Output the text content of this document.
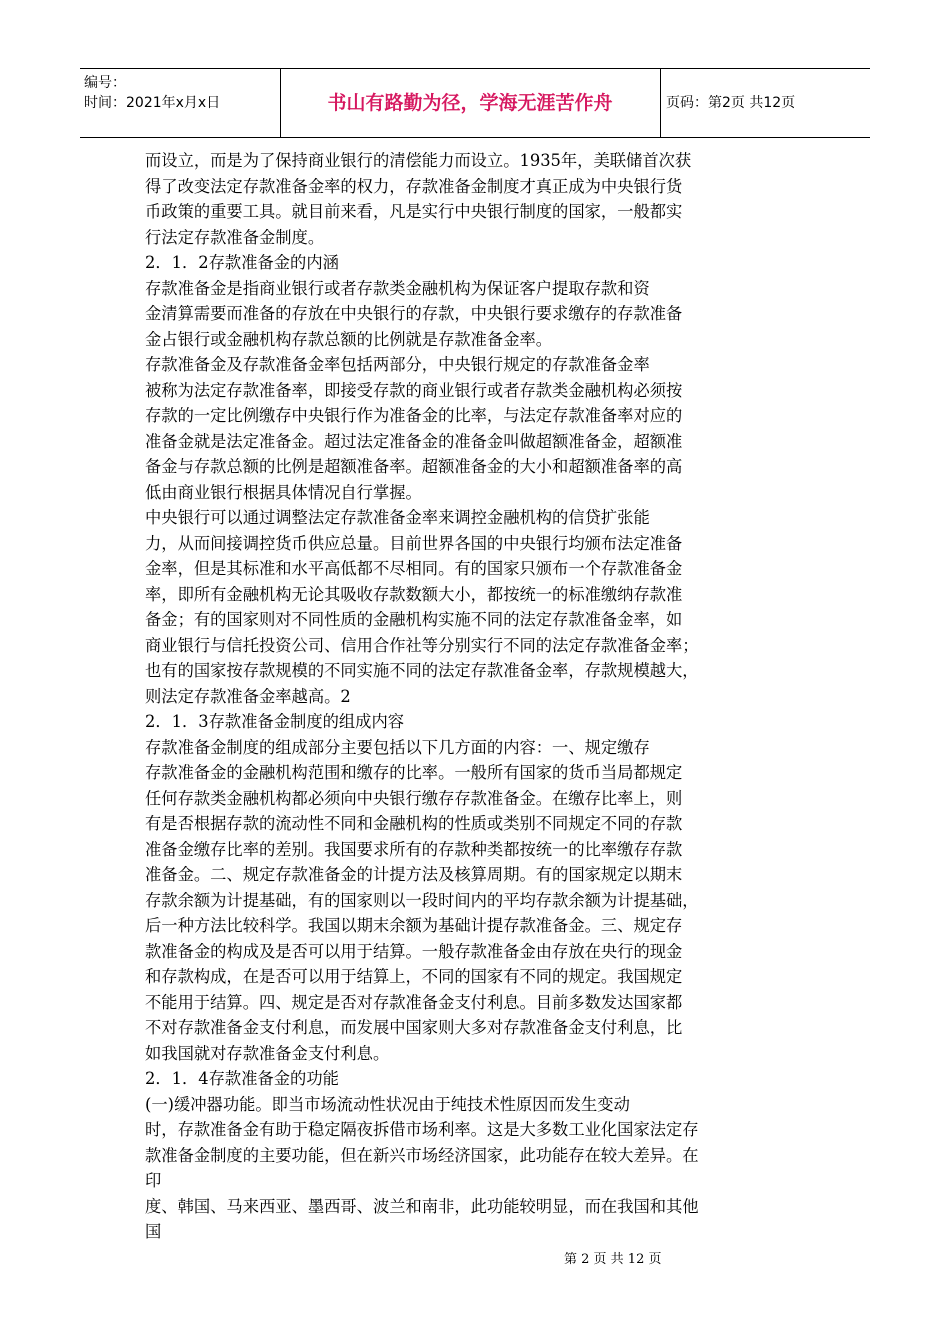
编号：
时间：2021年x月x日	书山有路勤为径，学海无涯苦作舟	页码：第2页 共12页
而设立，而是为了保持商业银行的清偿能力而设立。1935年，美联储首次获
得了改变法定存款准备金率的权力，存款准备金制度才真正成为中央银行货
币政策的重要工具。就目前来看，凡是实行中央银行制度的国家，一般都实
行法定存款准备金制度。
2．1．2存款准备金的内涵
存款准备金是指商业银行或者存款类金融机构为保证客户提取存款和资
金清算需要而准备的存放在中央银行的存款，中央银行要求缴存的存款准备
金占银行或金融机构存款总额的比例就是存款准备金率。
存款准备金及存款准备金率包括两部分，中央银行规定的存款准备金率
被称为法定存款准备率，即接受存款的商业银行或者存款类金融机构必须按
存款的一定比例缴存中央银行作为准备金的比率，与法定存款准备率对应的
准备金就是法定准备金。超过法定准备金的准备金叫做超额准备金，超额准
备金与存款总额的比例是超额准备率。超额准备金的大小和超额准备率的高
低由商业银行根据具体情况自行掌握。
中央银行可以通过调整法定存款准备金率来调控金融机构的信贷扩张能
力，从而间接调控货币供应总量。目前世界各国的中央银行均颁布法定准备
金率，但是其标准和水平高低都不尽相同。有的国家只颁布一个存款准备金
率，即所有金融机构无论其吸收存款数额大小，都按统一的标准缴纳存款准
备金；有的国家则对不同性质的金融机构实施不同的法定存款准备金率，如
商业银行与信托投资公司、信用合作社等分别实行不同的法定存款准备金率；
也有的国家按存款规模的不同实施不同的法定存款准备金率，存款规模越大，
则法定存款准备金率越高。2
2．1．3存款准备金制度的组成内容
存款准备金制度的组成部分主要包括以下几方面的内容：一、规定缴存
存款准备金的金融机构范围和缴存的比率。一般所有国家的货币当局都规定
任何存款类金融机构都必须向中央银行缴存存款准备金。在缴存比率上，则
有是否根据存款的流动性不同和金融机构的性质或类别不同规定不同的存款
准备金缴存比率的差别。我国要求所有的存款种类都按统一的比率缴存存款
准备金。二、规定存款准备金的计提方法及核算周期。有的国家规定以期末
存款余额为计提基础，有的国家则以一段时间内的平均存款余额为计提基础，
后一种方法比较科学。我国以期末余额为基础计提存款准备金。三、规定存
款准备金的构成及是否可以用于结算。一般存款准备金由存放在央行的现金
和存款构成，在是否可以用于结算上，不同的国家有不同的规定。我国规定
不能用于结算。四、规定是否对存款准备金支付利息。目前多数发达国家都
不对存款准备金支付利息，而发展中国家则大多对存款准备金支付利息，比
如我国就对存款准备金支付利息。
2．1．4存款准备金的功能
(一)缓冲器功能。即当市场流动性状况由于纯技术性原因而发生变动
时，存款准备金有助于稳定隔夜拆借市场利率。这是大多数工业化国家法定存
款准备金制度的主要功能，但在新兴市场经济国家，此功能存在较大差异。在
印
度、韩国、马来西亚、墨西哥、波兰和南非，此功能较明显，而在我国和其他
国
第 2 页 共 12 页
